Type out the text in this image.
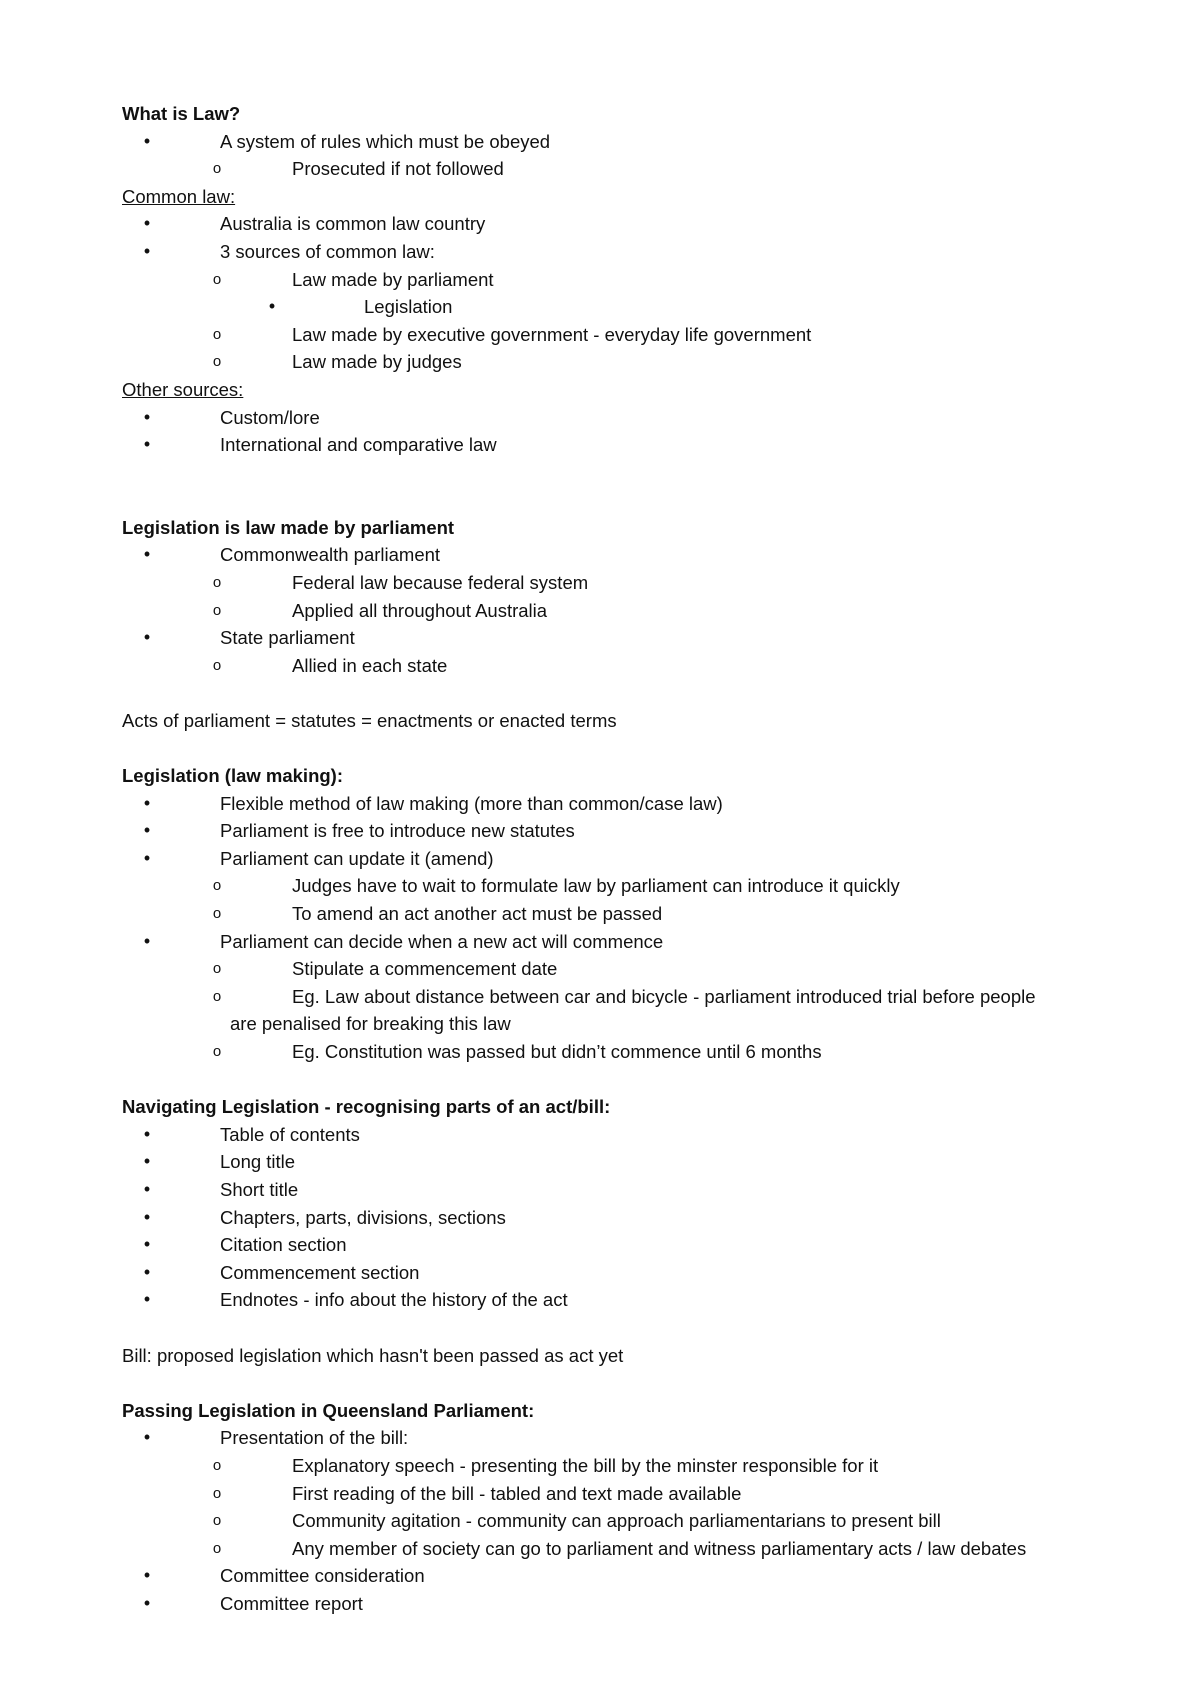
What is Law?
•	A system of rules which must be obeyed
o	Prosecuted if not followed
Common law:
•	Australia is common law country
•	3 sources of common law:
o	Law made by parliament
•	Legislation
o	Law made by executive government - everyday life government
o	Law made by judges
Other sources:
•	Custom/lore
•	International and comparative law
Legislation is law made by parliament
•	Commonwealth parliament
o	Federal law because federal system
o	Applied all throughout Australia
•	State parliament
o	Allied in each state
Acts of parliament = statutes = enactments or enacted terms
Legislation (law making):
•	Flexible method of law making (more than common/case law)
•	Parliament is free to introduce new statutes
•	Parliament can update it (amend)
o	Judges have to wait to formulate law by parliament can introduce it quickly
o	To amend an act another act must be passed
•	Parliament can decide when a new act will commence
o	Stipulate a commencement date
o	Eg. Law about distance between car and bicycle - parliament introduced trial before people
are penalised for breaking this law
o	Eg. Constitution was passed but didn’t commence until 6 months
Navigating Legislation - recognising parts of an act/bill:
•	Table of contents
•	Long title
•	Short title
•	Chapters, parts, divisions, sections
•	Citation section
•	Commencement section
•	Endnotes - info about the history of the act
Bill: proposed legislation which hasn't been passed as act yet
Passing Legislation in Queensland Parliament:
•	Presentation of the bill:
o	Explanatory speech - presenting the bill by the minster responsible for it
o	First reading of the bill - tabled and text made available
o	Community agitation - community can approach parliamentarians to present bill
o	Any member of society can go to parliament and witness parliamentary acts / law debates
•	Committee consideration
•	Committee report
